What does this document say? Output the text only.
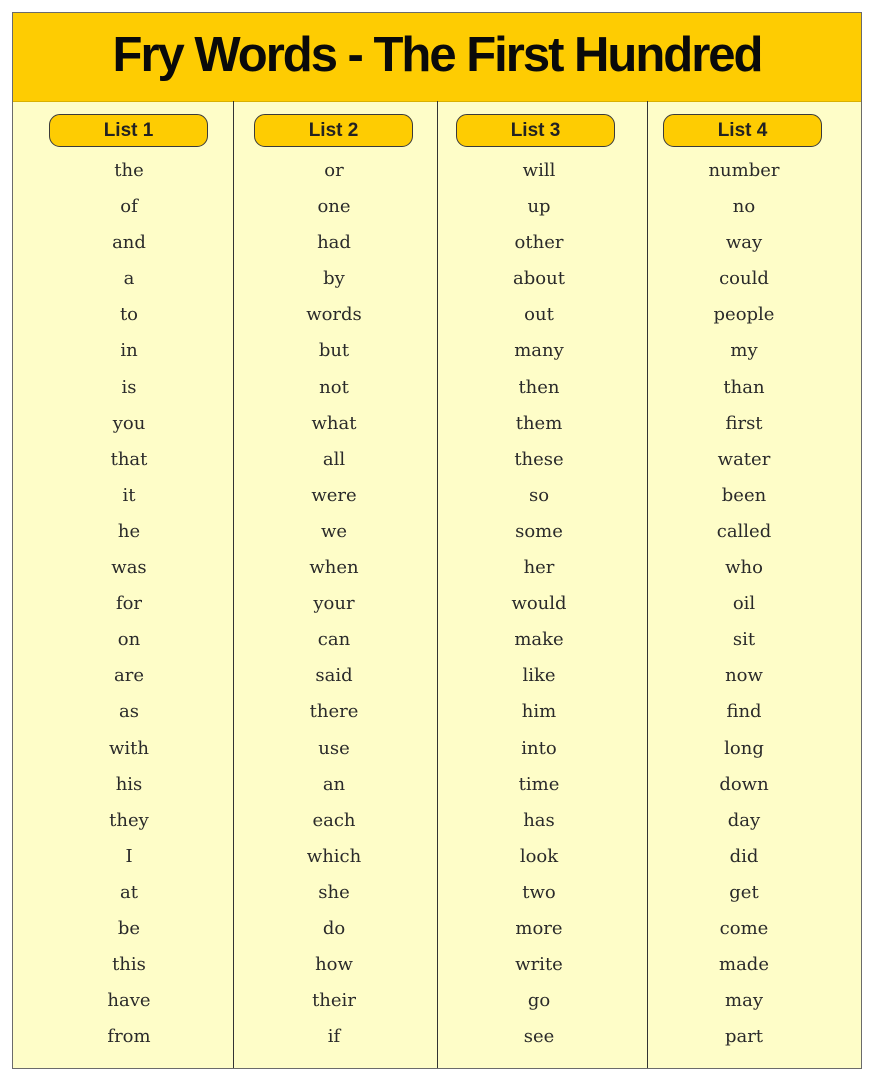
Fry Words - The First Hundred
List 1
the
of
and
a
to
in
is
you
that
it
he
was
for
on
are
as
with
his
they
I
at
be
this
have
from
List 2
or
one
had
by
words
but
not
what
all
were
we
when
your
can
said
there
use
an
each
which
she
do
how
their
if
List 3
will
up
other
about
out
many
then
them
these
so
some
her
would
make
like
him
into
time
has
look
two
more
write
go
see
List 4
number
no
way
could
people
my
than
first
water
been
called
who
oil
sit
now
find
long
down
day
did
get
come
made
may
part
